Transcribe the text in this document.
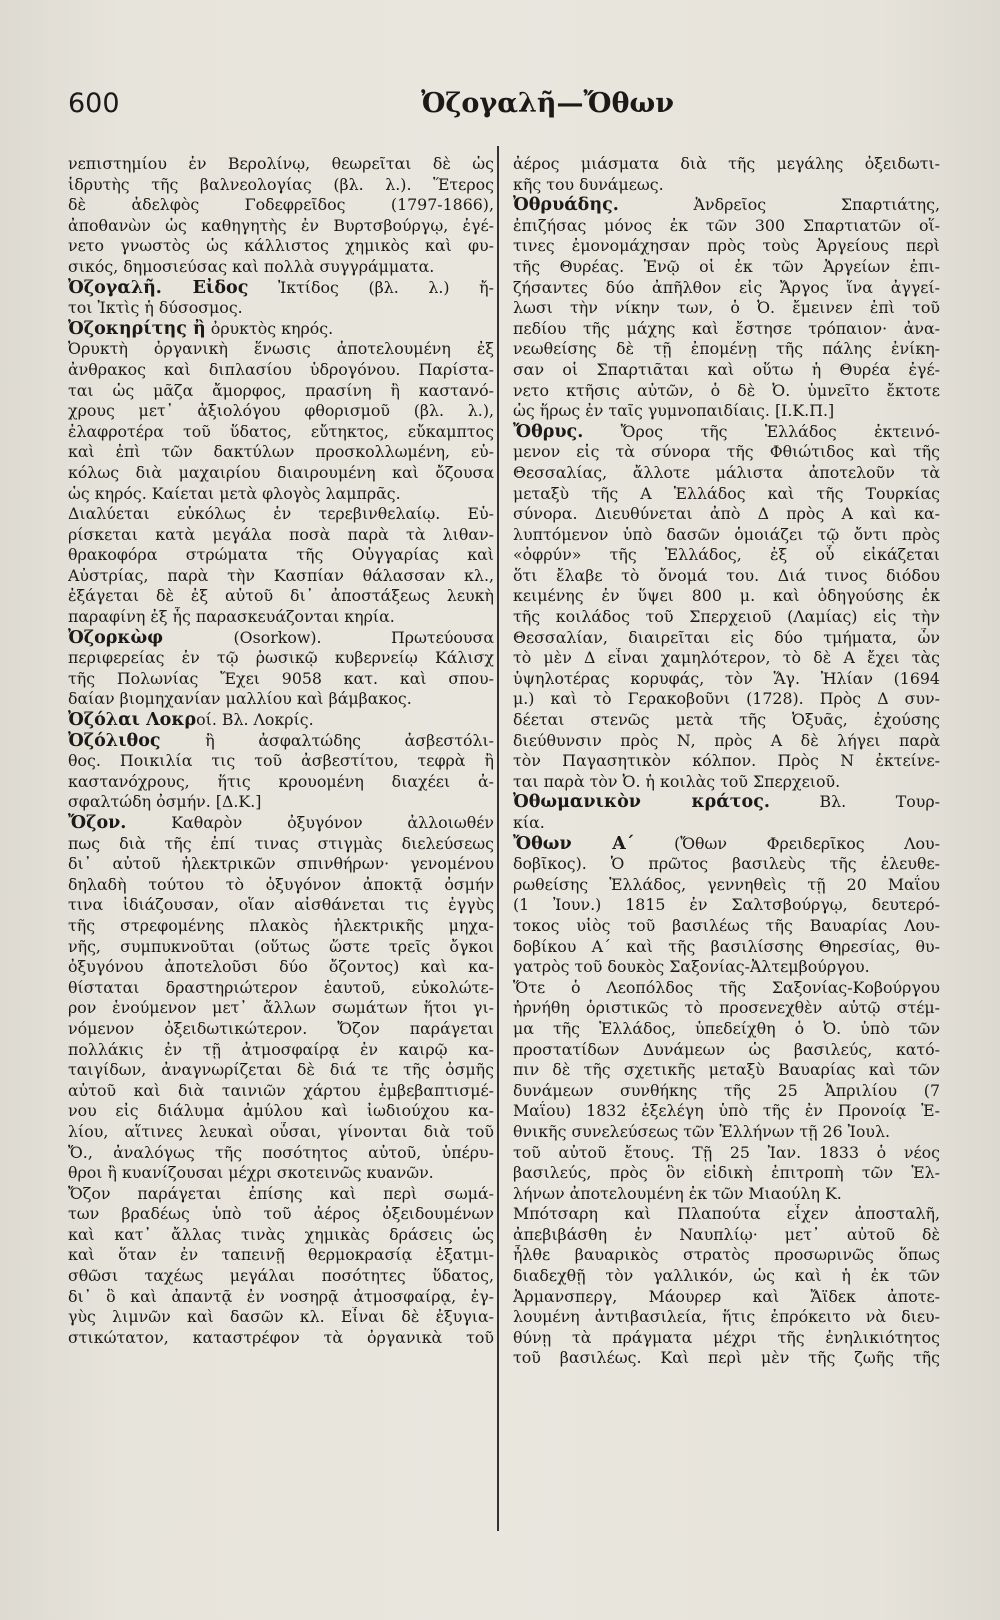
600	Ὀζογαλῆ—Ὄθων
νεπιστημίου ἐν Βερολίνῳ, θεωρεῖται δὲ ὡς
ἱδρυτὴς τῆς βαλνεολογίας (βλ. λ.). Ἕτερος
δὲ ἀδελφὸς Γοδεφρεῖδος (1797-1866),
ἀποθανὼν ὡς καθηγητὴς ἐν Βυρτσβούργῳ, ἐγέ-
νετο γνωστὸς ὡς κάλλιστος χημικὸς καὶ φυ-
σικός, δημοσιεύσας καὶ πολλὰ συγγράμματα.
Ὀζογαλῆ. Εἶδος Ἰκτίδος (βλ. λ.) ἤ-
τοι Ἰκτὶς ἡ δύσοσμος.
Ὀζοκηρίτης ἢ ὀρυκτὸς κηρός.
Ὀρυκτὴ ὀργανικὴ ἕνωσις ἀποτελουμένη ἐξ
ἀνθρακος καὶ διπλασίου ὑδρογόνου. Παρίστα-
ται ὡς μᾶζα ἄμορφος, πρασίνη ἢ καστανό-
χρους μετ᾽ ἀξιολόγου φθορισμοῦ (βλ. λ.),
ἐλαφροτέρα τοῦ ὕδατος, εὔτηκτος, εὔκαμπτος
καὶ ἐπὶ τῶν δακτύλων προσκολλωμένη, εὐ-
κόλως διὰ μαχαιρίου διαιρουμένη καὶ ὄζουσα
ὡς κηρός. Καίεται μετὰ φλογὸς λαμπρᾶς.
Διαλύεται εὐκόλως ἐν τερεβινθελαίῳ. Εὑ-
ρίσκεται κατὰ μεγάλα ποσὰ παρὰ τὰ λιθαν-
θρακοφόρα στρώματα τῆς Οὐγγαρίας καὶ
Αὐστρίας, παρὰ τὴν Κασπίαν θάλασσαν κλ.,
ἐξάγεται δὲ ἐξ αὐτοῦ δι᾽ ἀποστάξεως λευκὴ
παραφίνη ἐξ ἧς παρασκευάζονται κηρία.
Ὀζορκὼφ (Osorkow). Πρωτεύουσα
περιφερείας ἐν τῷ ῥωσικῷ κυβερνείῳ Κάλισχ
τῆς Πολωνίας Ἔχει 9058 κατ. καὶ σπου-
δαίαν βιομηχανίαν μαλλίου καὶ βάμβακος.
Ὀζόλαι Λοκροί. Βλ. Λοκρίς.
Ὀζόλιθος ἢ ἀσφαλτώδης ἀσβεστόλι-
θος. Ποικιλία τις τοῦ ἀσβεστίτου, τεφρὰ ἢ
καστανόχρους, ἥτις κρουομένη διαχέει ἀ-
σφαλτώδη ὀσμήν. [Δ.Κ.]
Ὄζον. Καθαρὸν ὀξυγόνον ἀλλοιωθέν
πως διὰ τῆς ἐπί τινας στιγμὰς διελεύσεως
δι᾽ αὐτοῦ ἠλεκτρικῶν σπινθήρων· γενομένου
δηλαδὴ τούτου τὸ ὀξυγόνον ἀποκτᾷ ὀσμήν
τινα ἰδιάζουσαν, οἵαν αἰσθάνεται τις ἐγγὺς
τῆς στρεφομένης πλακὸς ἠλεκτρικῆς μηχα-
νῆς, συμπυκνοῦται (οὕτως ὥστε τρεῖς ὄγκοι
ὀξυγόνου ἀποτελοῦσι δύο ὄζοντος) καὶ κα-
θίσταται δραστηριώτερον ἑαυτοῦ, εὐκολώτε-
ρον ἑνούμενον μετ᾽ ἄλλων σωμάτων ἥτοι γι-
νόμενον ὀξειδωτικώτερον. Ὄζον παράγεται
πολλάκις ἐν τῇ ἀτμοσφαίρᾳ ἐν καιρῷ κα-
ταιγίδων, ἀναγνωρίζεται δὲ διά τε τῆς ὀσμῆς
αὐτοῦ καὶ διὰ ταινιῶν χάρτου ἐμβεβαπτισμέ-
νου εἰς διάλυμα ἀμύλου καὶ ἰωδιούχου κα-
λίου, αἵτινες λευκαὶ οὖσαι, γίνονται διὰ τοῦ
Ὄ., ἀναλόγως τῆς ποσότητος αὐτοῦ, ὑπέρυ-
θροι ἢ κυανίζουσαι μέχρι σκοτεινῶς κυανῶν.
Ὄζον παράγεται ἐπίσης καὶ περὶ σωμά-
των βραδέως ὑπὸ τοῦ ἀέρος ὀξειδουμένων
καὶ κατ᾽ ἄλλας τινὰς χημικὰς δράσεις ὡς
καὶ ὅταν ἐν ταπεινῇ θερμοκρασίᾳ ἐξατμι-
σθῶσι ταχέως μεγάλαι ποσότητες ὕδατος,
δι᾽ ὃ καὶ ἀπαντᾷ ἐν νοσηρᾷ ἀτμοσφαίρᾳ, ἐγ-
γὺς λιμνῶν καὶ δασῶν κλ. Εἶναι δὲ ἐξυγια-
στικώτατον, καταστρέφον τὰ ὀργανικὰ τοῦ
ἀέρος μιάσματα διὰ τῆς μεγάλης ὀξειδωτι-
κῆς του δυνάμεως.
Ὀθρυάδης. Ἀνδρεῖος Σπαρτιάτης,
ἐπιζήσας μόνος ἐκ τῶν 300 Σπαρτιατῶν οἵ-
τινες ἐμονομάχησαν πρὸς τοὺς Ἀργείους περὶ
τῆς Θυρέας. Ἐνῷ οἱ ἐκ τῶν Ἀργείων ἐπι-
ζήσαντες δύο ἀπῆλθον εἰς Ἄργος ἵνα ἀγγεί-
λωσι τὴν νίκην των, ὁ Ὀ. ἔμεινεν ἐπὶ τοῦ
πεδίου τῆς μάχης καὶ ἔστησε τρόπαιον· ἀνα-
νεωθείσης δὲ τῇ ἐπομένῃ τῆς πάλης ἐνίκη-
σαν οἱ Σπαρτιᾶται καὶ οὕτω ἡ Θυρέα ἐγέ-
νετο κτῆσις αὐτῶν, ὁ δὲ Ὀ. ὑμνεῖτο ἔκτοτε
ὡς ἥρως ἐν ταῖς γυμνοπαιδίαις. [Ι.Κ.Π.]
Ὄθρυς. Ὄρος τῆς Ἑλλάδος ἐκτεινό-
μενον εἰς τὰ σύνορα τῆς Φθιώτιδος καὶ τῆς
Θεσσαλίας, ἄλλοτε μάλιστα ἀποτελοῦν τὰ
μεταξὺ τῆς Α Ἑλλάδος καὶ τῆς Τουρκίας
σύνορα. Διευθύνεται ἀπὸ Δ πρὸς Α καὶ κα-
λυπτόμενον ὑπὸ δασῶν ὁμοιάζει τῷ ὄντι πρὸς
«ὀφρύν» τῆς Ἑλλάδος, ἐξ οὗ εἰκάζεται
ὅτι ἔλαβε τὸ ὄνομά του. Διά τινος διόδου
κειμένης ἐν ὕψει 800 μ. καὶ ὁδηγούσης ἐκ
τῆς κοιλάδος τοῦ Σπερχειοῦ (Λαμίας) εἰς τὴν
Θεσσαλίαν, διαιρεῖται εἰς δύο τμήματα, ὧν
τὸ μὲν Δ εἶναι χαμηλότερον, τὸ δὲ Α ἔχει τὰς
ὑψηλοτέρας κορυφάς, τὸν Ἅγ. Ἠλίαν (1694
μ.) καὶ τὸ Γερακοβοῦνι (1728). Πρὸς Δ συν-
δέεται στενῶς μετὰ τῆς Ὀξυᾶς, ἐχούσης
διεύθυνσιν πρὸς Ν, πρὸς Α δὲ λήγει παρὰ
τὸν Παγασητικὸν κόλπον. Πρὸς Ν ἐκτείνε-
ται παρὰ τὸν Ὀ. ἡ κοιλὰς τοῦ Σπερχειοῦ.
Ὀθωμανικὸν κράτος. Βλ. Τουρ-
κία.
Ὄθων Α´ (Ὄθων Φρειδερῖκος Λου-
δοβῖκος). Ὁ πρῶτος βασιλεὺς τῆς ἐλευθε-
ρωθείσης Ἑλλάδος, γεννηθεὶς τῇ 20 Μαΐου
(1 Ἰουν.) 1815 ἐν Σαλτσβούργῳ, δευτερό-
τοκος υἱὸς τοῦ βασιλέως τῆς Βαυαρίας Λου-
δοβίκου Α´ καὶ τῆς βασιλίσσης Θηρεσίας, θυ-
γατρὸς τοῦ δουκὸς Σαξονίας-Ἀλτεμβούργου.
Ὅτε ὁ Λεοπόλδος τῆς Σαξονίας-Κοβούργου
ἠρνήθη ὁριστικῶς τὸ προσενεχθὲν αὐτῷ στέμ-
μα τῆς Ἑλλάδος, ὑπεδείχθη ὁ Ὀ. ὑπὸ τῶν
προστατίδων Δυνάμεων ὡς βασιλεύς, κατό-
πιν δὲ τῆς σχετικῆς μεταξὺ Βαυαρίας καὶ τῶν
δυνάμεων συνθήκης τῆς 25 Ἀπριλίου (7
Μαΐου) 1832 ἐξελέγη ὑπὸ τῆς ἐν Προνοίᾳ Ἐ-
θνικῆς συνελεύσεως τῶν Ἑλλήνων τῇ 26 Ἰουλ.
τοῦ αὐτοῦ ἔτους. Τῇ 25 Ἰαν. 1833 ὁ νέος
βασιλεύς, πρὸς ὃν εἰδικὴ ἐπιτροπὴ τῶν Ἑλ-
λήνων ἀποτελουμένη ἐκ τῶν Μιαούλη Κ.
Μπότσαρη καὶ Πλαπούτα εἶχεν ἀποσταλῆ,
ἀπεβιβάσθη ἐν Ναυπλίῳ· μετ᾽ αὐτοῦ δὲ
ἦλθε βαυαρικὸς στρατὸς προσωρινῶς ὅπως
διαδεχθῇ τὸν γαλλικόν, ὡς καὶ ἡ ἐκ τῶν
Ἀρμανσπεργ, Μάουρερ καὶ Ἄϊδεκ ἀποτε-
λουμένη ἀντιβασιλεία, ἥτις ἐπρόκειτο νὰ διευ-
θύνῃ τὰ πράγματα μέχρι τῆς ἐνηλικιότητος
τοῦ βασιλέως. Καὶ περὶ μὲν τῆς ζωῆς τῆς
